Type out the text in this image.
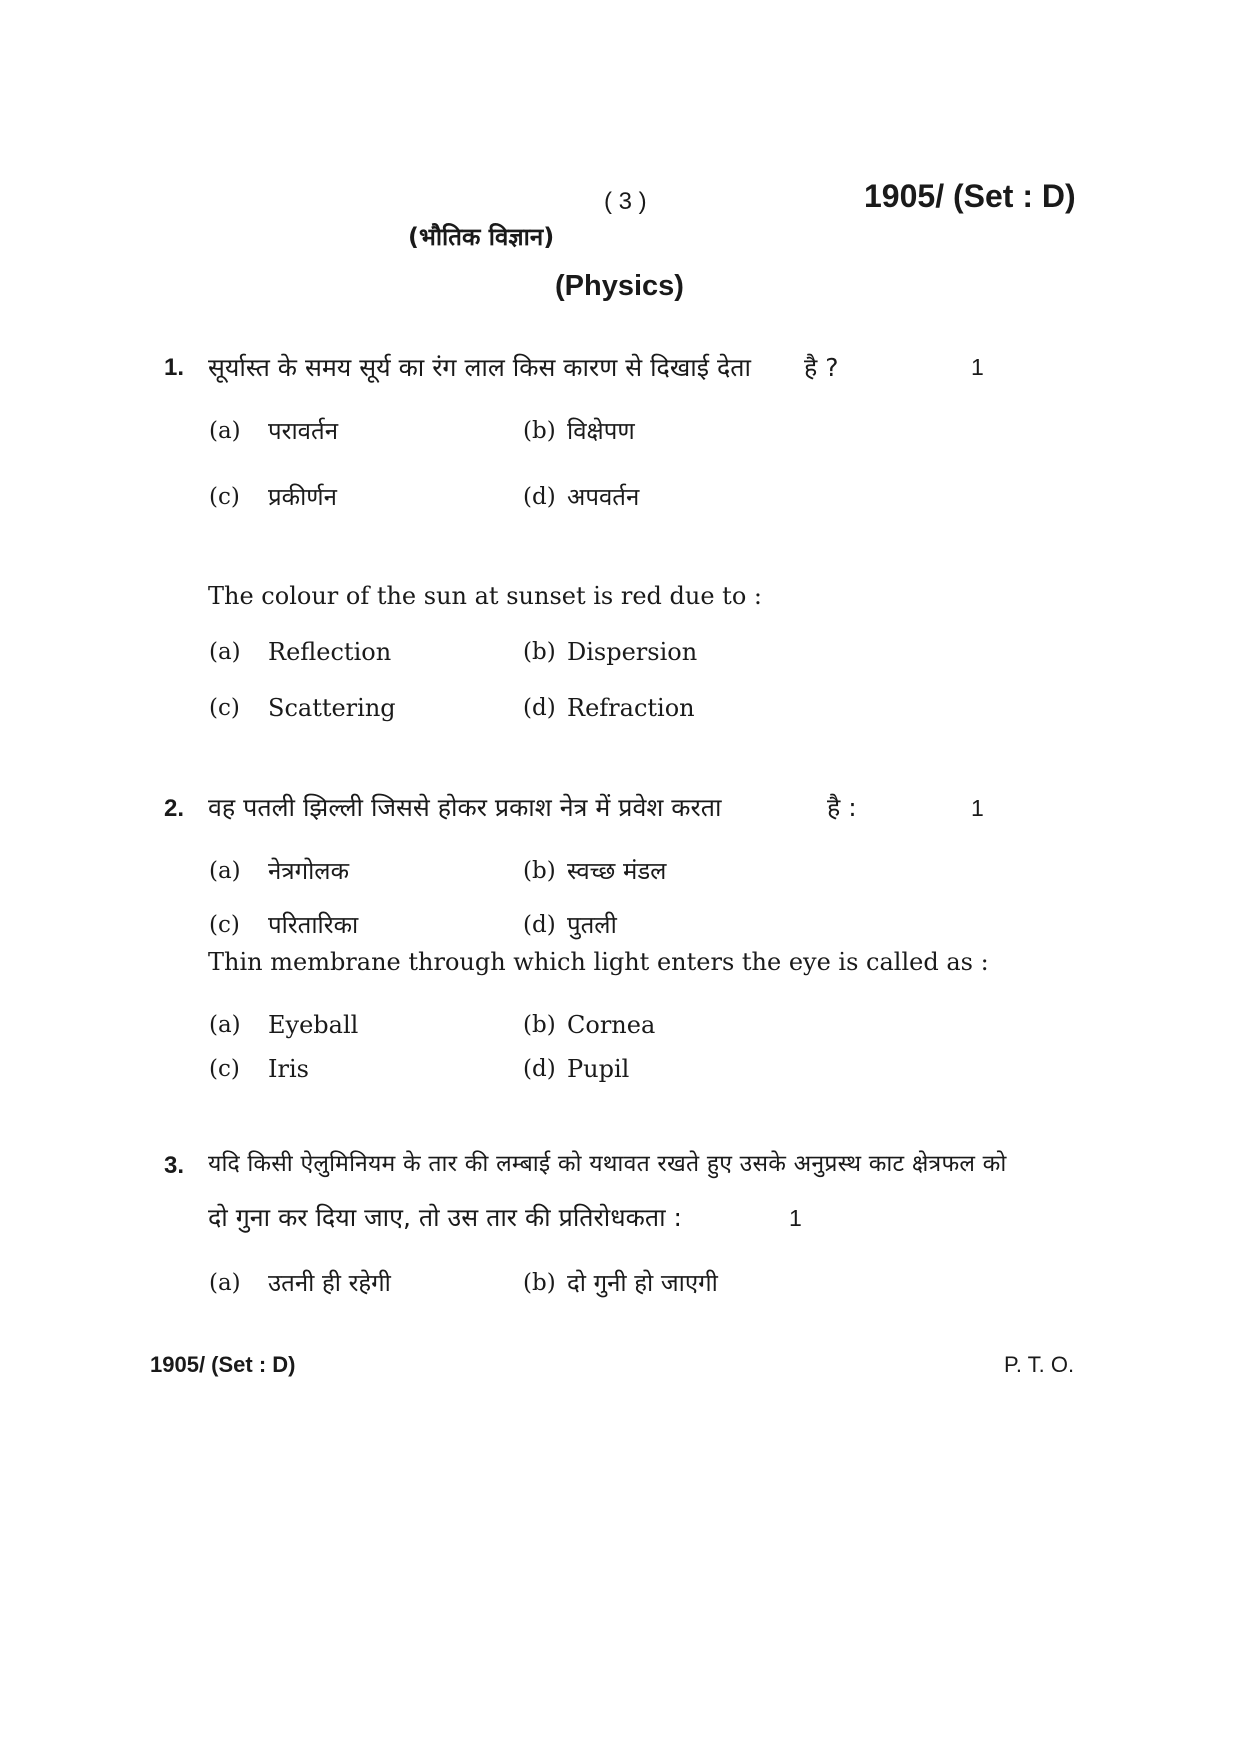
( 3 )	1905/ (Set : D)
(भौतिक विज्ञान)
(Physics)
1. सूर्यास्त के समय सूर्य का रंग लाल किस कारण से दिखाई देता है ?	1
(a) परावर्तन	(b) विक्षेपण
(c) प्रकीर्णन	(d) अपवर्तन
The colour of the sun at sunset is red due to :
(a) Reflection	(b) Dispersion
(c) Scattering	(d) Refraction
2. वह पतली झिल्ली जिससे होकर प्रकाश नेत्र में प्रवेश करता	है :	1
(a) नेत्रगोलक	(b) स्वच्छ मंडल
(c) परितारिका	(d) पुतली
Thin membrane through which light enters the eye is called as :
(a) Eyeball	(b) Cornea
(c) Iris	(d) Pupil
3. यदि किसी ऐलुमिनियम के तार की लम्बाई को यथावत रखते हुए उसके अनुप्रस्थ काट क्षेत्रफल को
दो गुना कर दिया जाए, तो उस तार की प्रतिरोधकता :	1
(a) उतनी ही रहेगी	(b) दो गुनी हो जाएगी
1905/ (Set : D)	P. T. O.
